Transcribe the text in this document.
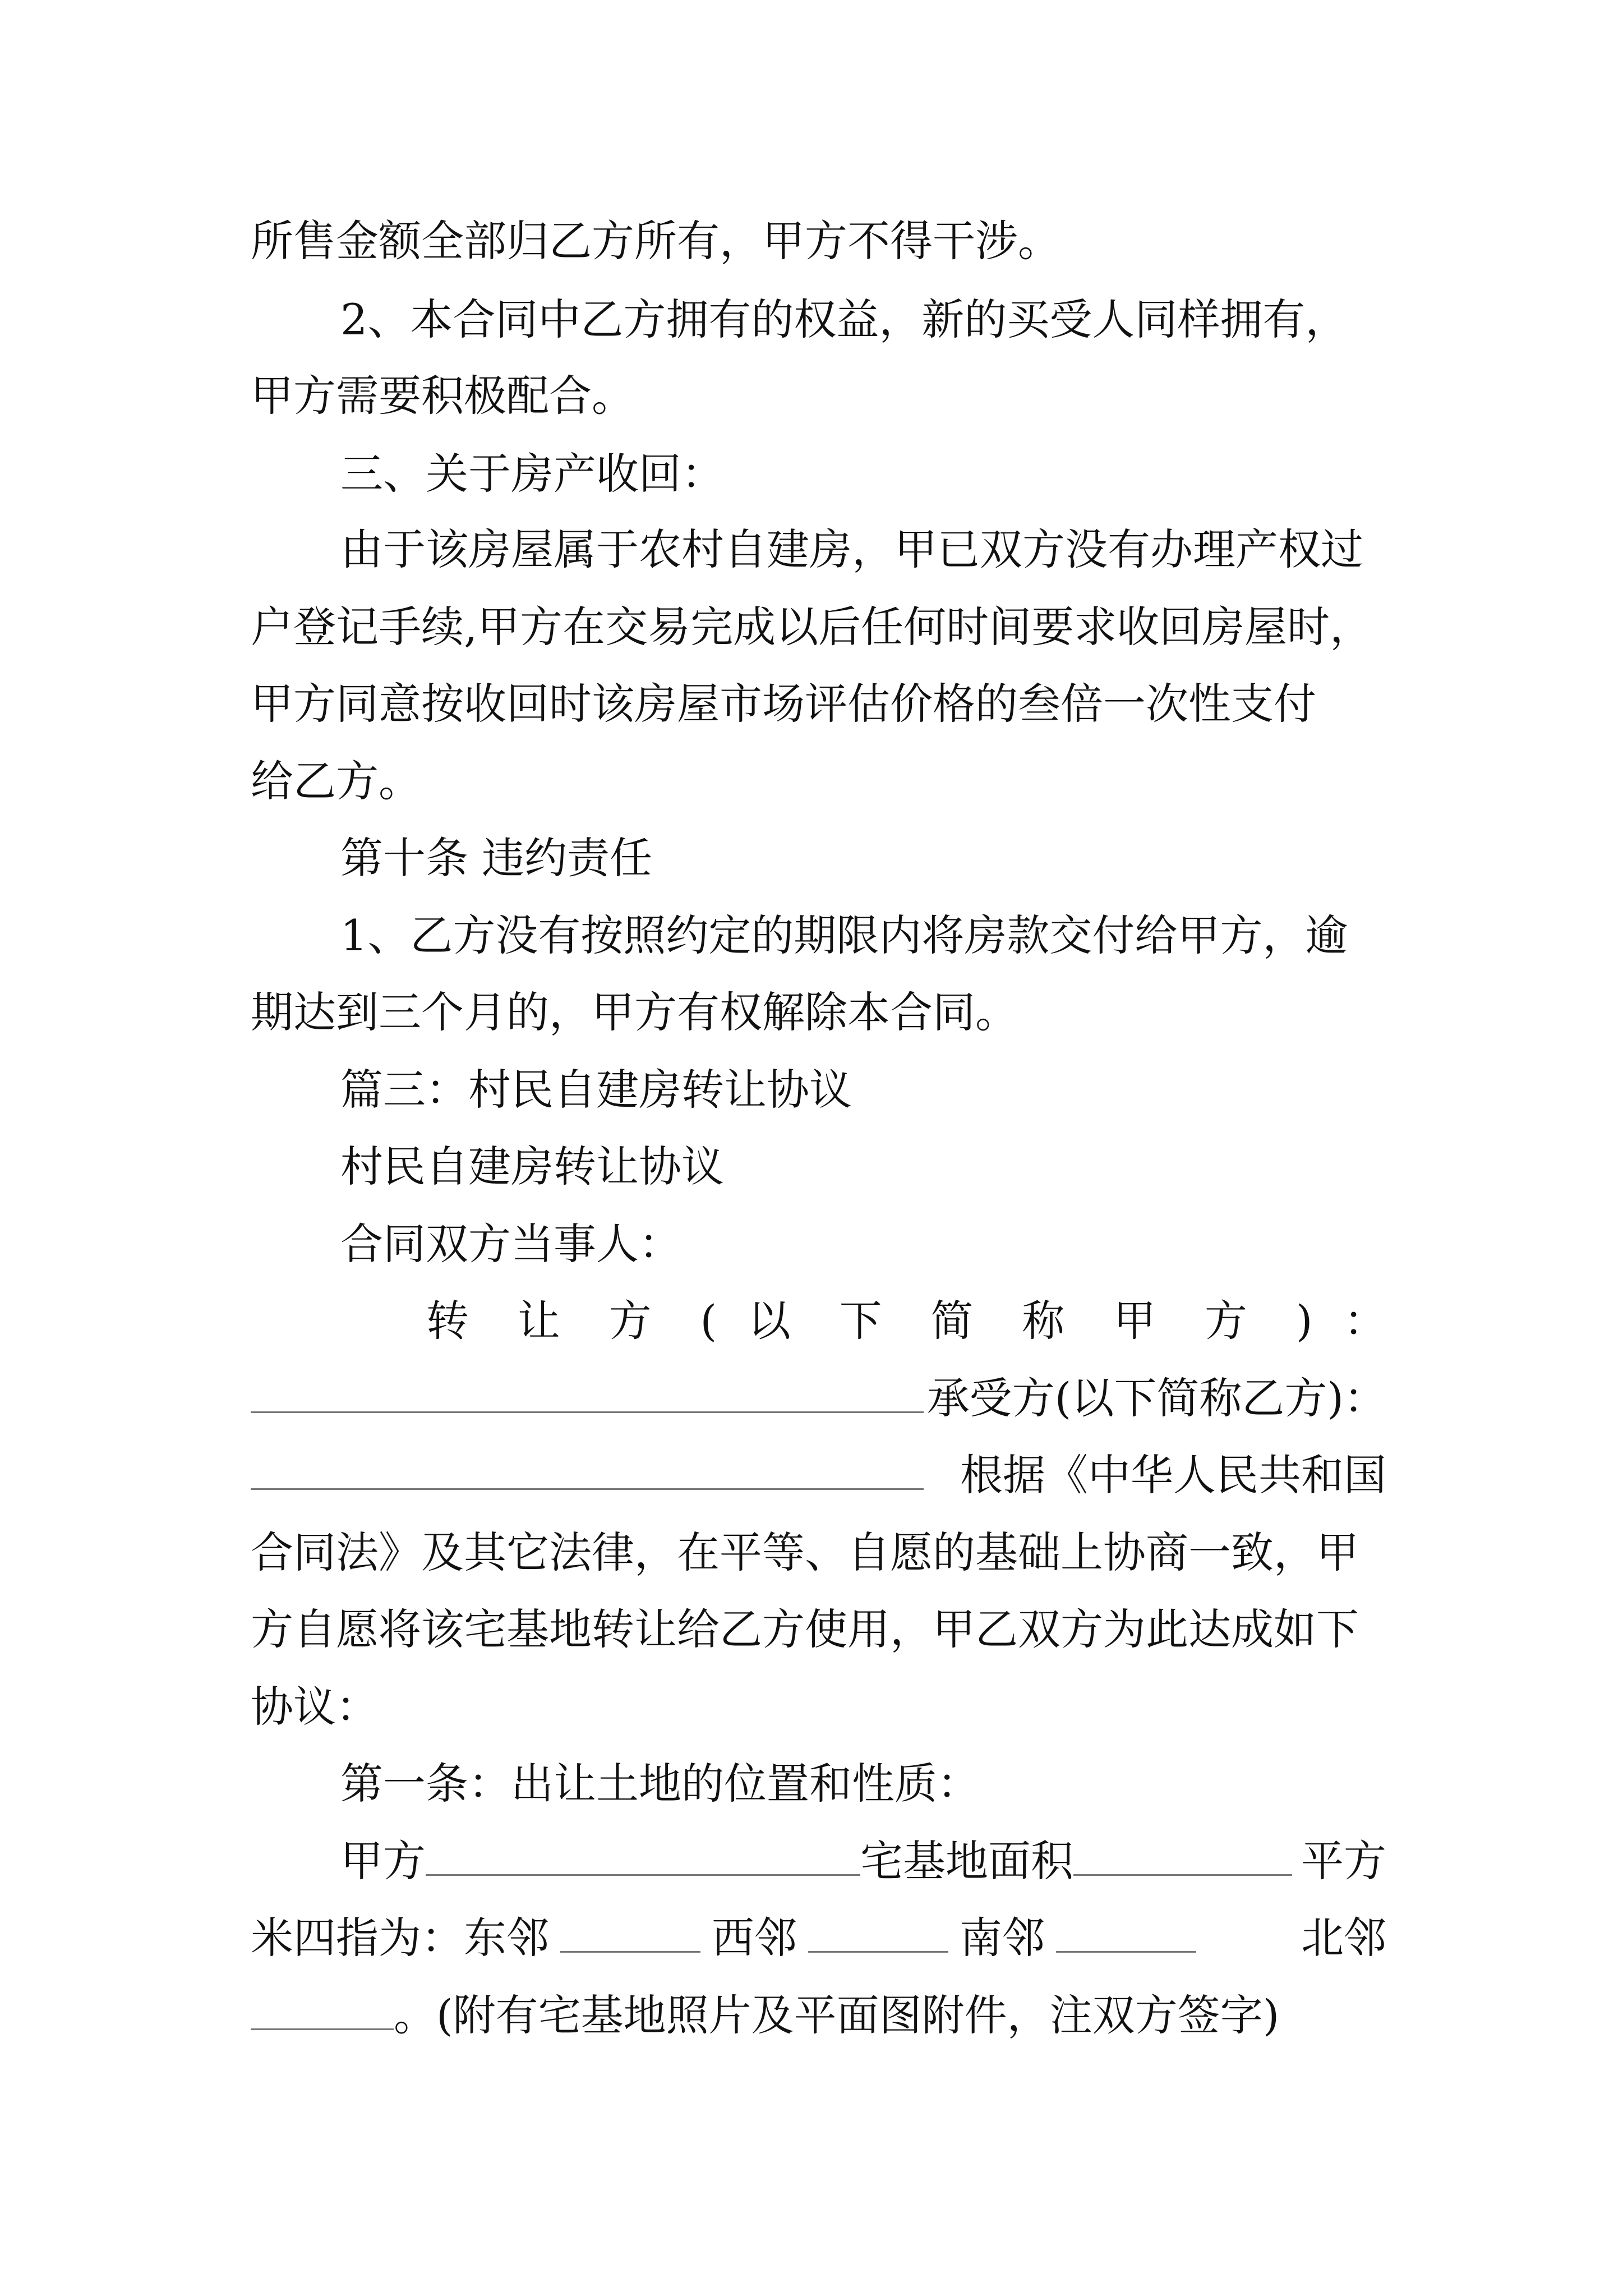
所售金额全部归乙方所有，甲方不得干涉。
2、本合同中乙方拥有的权益，新的买受人同样拥有，
甲方需要积极配合。
三、关于房产收回：
由于该房屋属于农村自建房，甲已双方没有办理产权过
户登记手续,甲方在交易完成以后任何时间要求收回房屋时，
甲方同意按收回时该房屋市场评估价格的叁倍一次性支付
给乙方。
第十条 违约责任
1、乙方没有按照约定的期限内将房款交付给甲方，逾
期达到三个月的，甲方有权解除本合同。
篇三：村民自建房转让协议
村民自建房转让协议
合同双方当事人：
转 让 方 ( 以 下 简 称 甲 方 ) ：
承受方(以下简称乙方)：
根据《中华人民共和国
合同法》及其它法律，在平等、自愿的基础上协商一致，甲
方自愿将该宅基地转让给乙方使用，甲乙双方为此达成如下
协议：
第一条：出让土地的位置和性质：
甲方	宅基地面积	平方
米四指为：东邻	西邻	南邻	北邻
。(附有宅基地照片及平面图附件，注双方签字)
